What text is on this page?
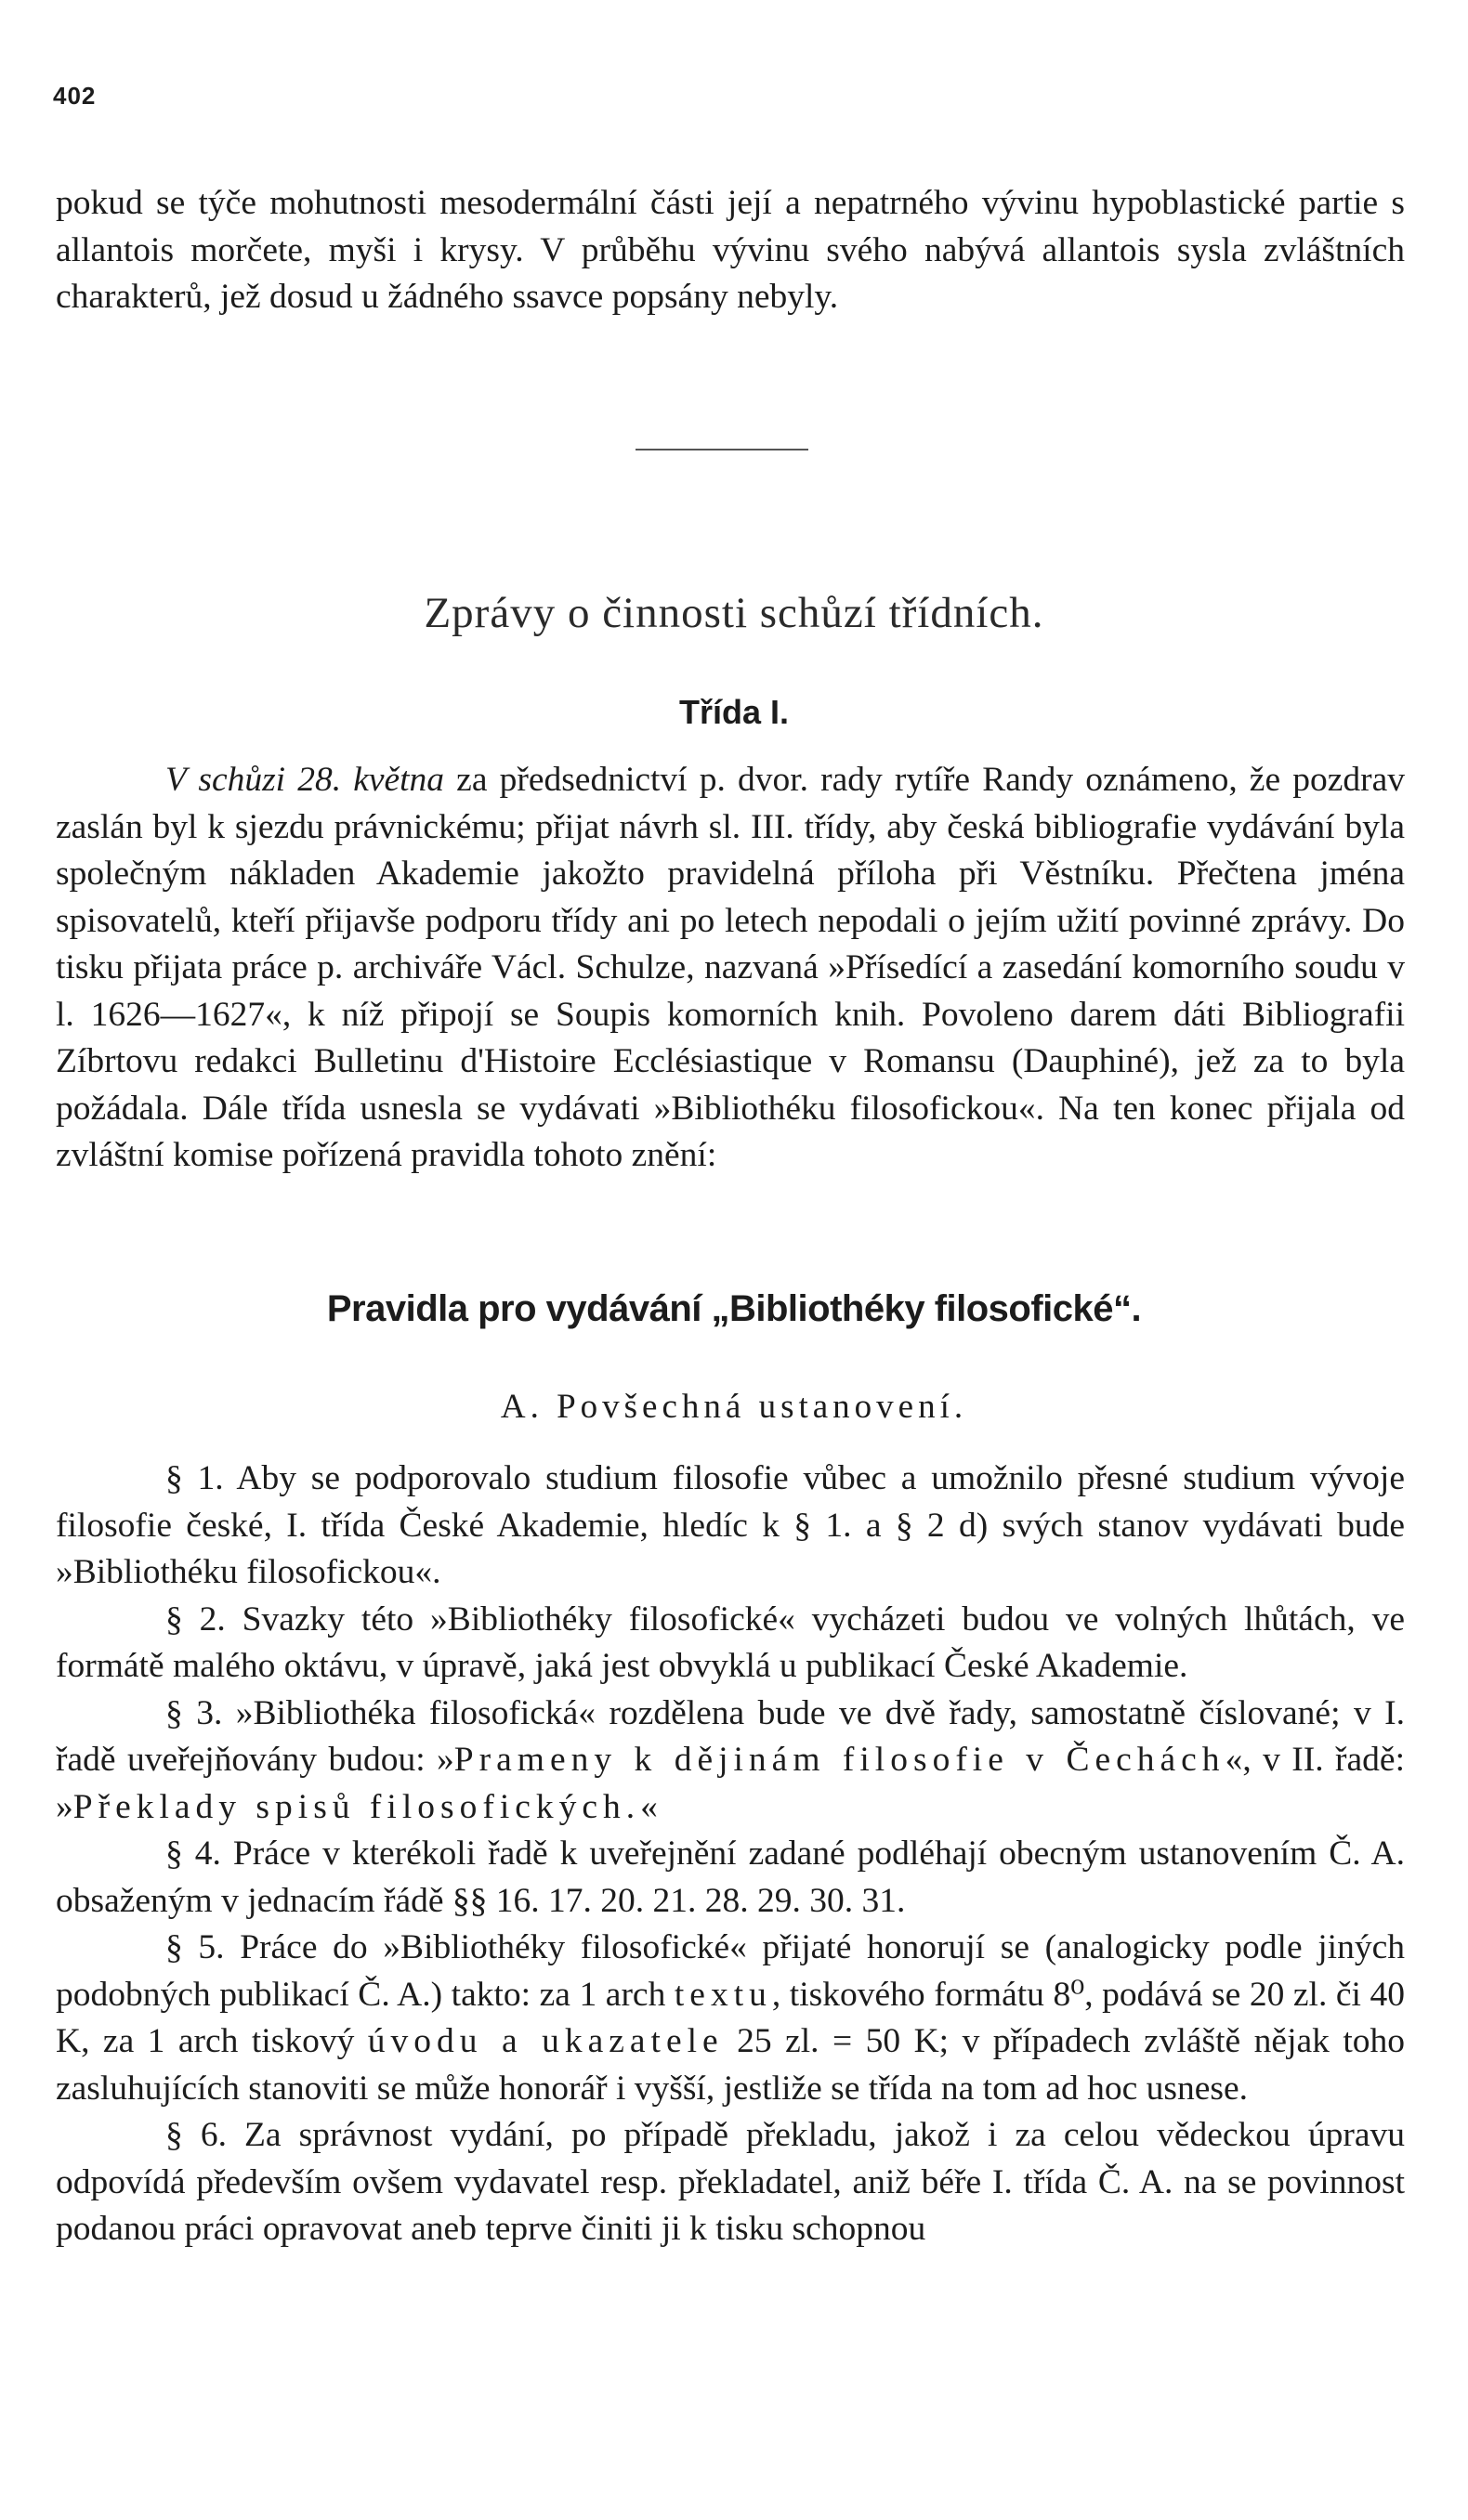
402
pokud se týče mohutnosti mesodermální části její a nepatrného vývinu hypoblastické partie s allantois morčete, myši i krysy. V průběhu vývinu svého nabývá allantois sysla zvláštních charakterů, jež dosud u žádného ssavce popsány nebyly.
Zprávy o činnosti schůzí třídních.
Třída I.

V schůzi 28. května za předsednictví p. dvor. rady rytíře Randy oznámeno, že pozdrav zaslán byl k sjezdu právnickému; přijat návrh sl. III. třídy, aby česká bibliografie vydávání byla společným nákladen Akademie jakožto pravidelná příloha při Věstníku. Přečtena jména spisovatelů, kteří přijavše podporu třídy ani po letech nepodali o jejím užití povinné zprávy. Do tisku přijata práce p. archiváře Václ. Schulze, nazvaná »Přísedící a zasedání komorního soudu v l. 1626—1627«, k níž připojí se Soupis komorních knih. Povoleno darem dáti Bibliografii Zíbrtovu redakci Bulletinu d'Histoire Ecclésiastique v Romansu (Dauphiné), jež za to byla požádala. Dále třída usnesla se vydávati »Bibliothéku filosofickou«. Na ten konec přijala od zvláštní komise pořízená pravidla tohoto znění:

Pravidla pro vydávání „Bibliothéky filosofické“.
A. Povšechná ustanovení.

§ 1. Aby se podporovalo studium filosofie vůbec a umožnilo přesné studium vývoje filosofie české, I. třída České Akademie, hledíc k § 1. a § 2 d) svých stanov vydávati bude »Bibliothéku filosofickou«.

§ 2. Svazky této »Bibliothéky filosofické« vycházeti budou ve volných lhůtách, ve formátě malého oktávu, v úpravě, jaká jest obvyklá u publikací České Akademie.

§ 3. »Bibliothéka filosofická« rozdělena bude ve dvě řady, samostatně číslované; v I. řadě uveřejňovány budou: »Prameny k dějinám filosofie v Čechách«, v II. řadě: »Překlady spisů filosofických.«

§ 4. Práce v kterékoli řadě k uveřejnění zadané podléhají obecným ustanovením Č. A. obsaženým v jednacím řádě §§ 16. 17. 20. 21. 28. 29. 30. 31.

§ 5. Práce do »Bibliothéky filosofické« přijaté honorují se (analogicky podle jiných podobných publikací Č. A.) takto: za 1 arch textu, tiskového formátu 8⁰, podává se 20 zl. či 40 K, za 1 arch tiskový úvodu a ukazatele 25 zl. = 50 K; v případech zvláště nějak toho zasluhujících stanoviti se může honorář i vyšší, jestliže se třída na tom ad hoc usnese.

§ 6. Za správnost vydání, po případě překladu, jakož i za celou vědeckou úpravu odpovídá především ovšem vydavatel resp. překladatel, aniž béře I. třída Č. A. na se povinnost podanou práci opravovat aneb teprve činiti ji k tisku schopnou
